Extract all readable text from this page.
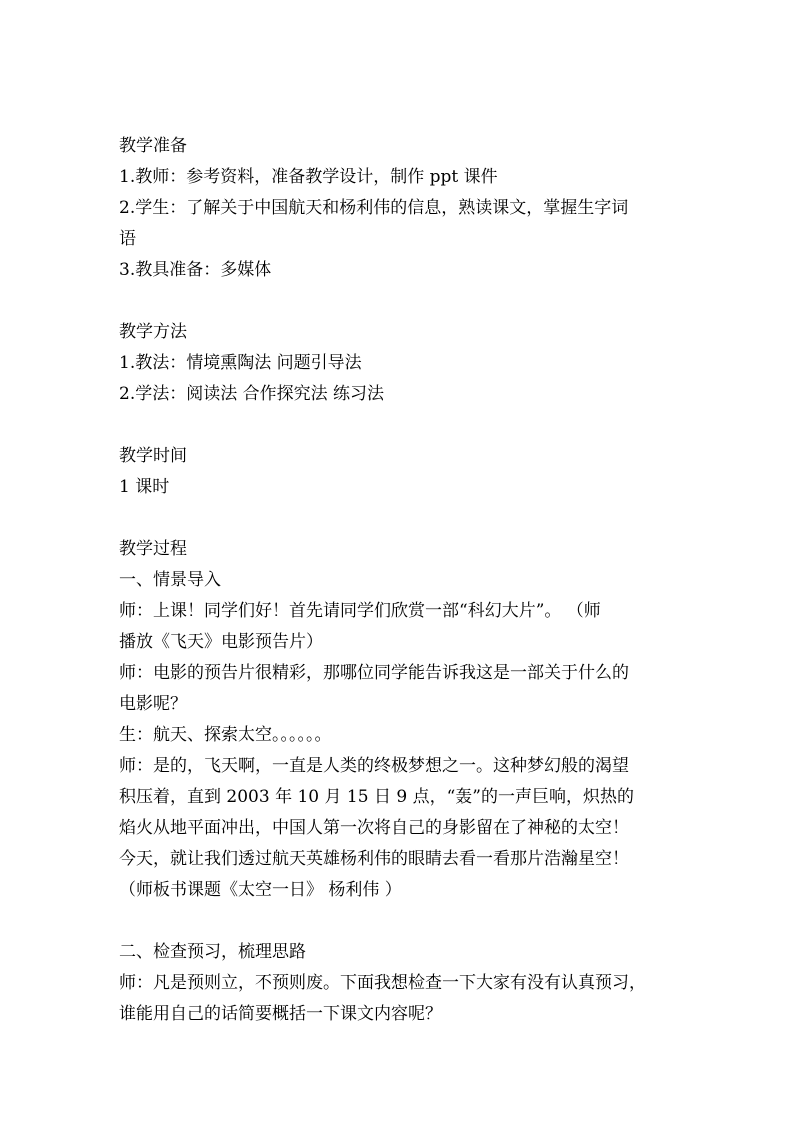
教学准备
1.教师：参考资料，准备教学设计，制作 ppt 课件
2.学生：了解关于中国航天和杨利伟的信息，熟读课文，掌握生字词
语
3.教具准备：多媒体
教学方法
1.教法：情境熏陶法 问题引导法
2.学法：阅读法 合作探究法 练习法
教学时间
1 课时
教学过程
一、情景导入
师：上课！同学们好！首先请同学们欣赏一部“科幻大片”。 （师
播放《飞天》电影预告片）
师：电影的预告片很精彩，那哪位同学能告诉我这是一部关于什么的
电影呢？
生：航天、探索太空。。。。。。
师：是的，飞天啊，一直是人类的终极梦想之一。这种梦幻般的渴望
积压着，直到 2003 年 10 月 15 日 9 点，“轰”的一声巨响，炽热的
焰火从地平面冲出，中国人第一次将自己的身影留在了神秘的太空！
今天，就让我们透过航天英雄杨利伟的眼睛去看一看那片浩瀚星空！
（师板书课题《太空一日》 杨利伟 ）
二、检查预习，梳理思路
师：凡是预则立，不预则废。下面我想检查一下大家有没有认真预习，
谁能用自己的话简要概括一下课文内容呢？
